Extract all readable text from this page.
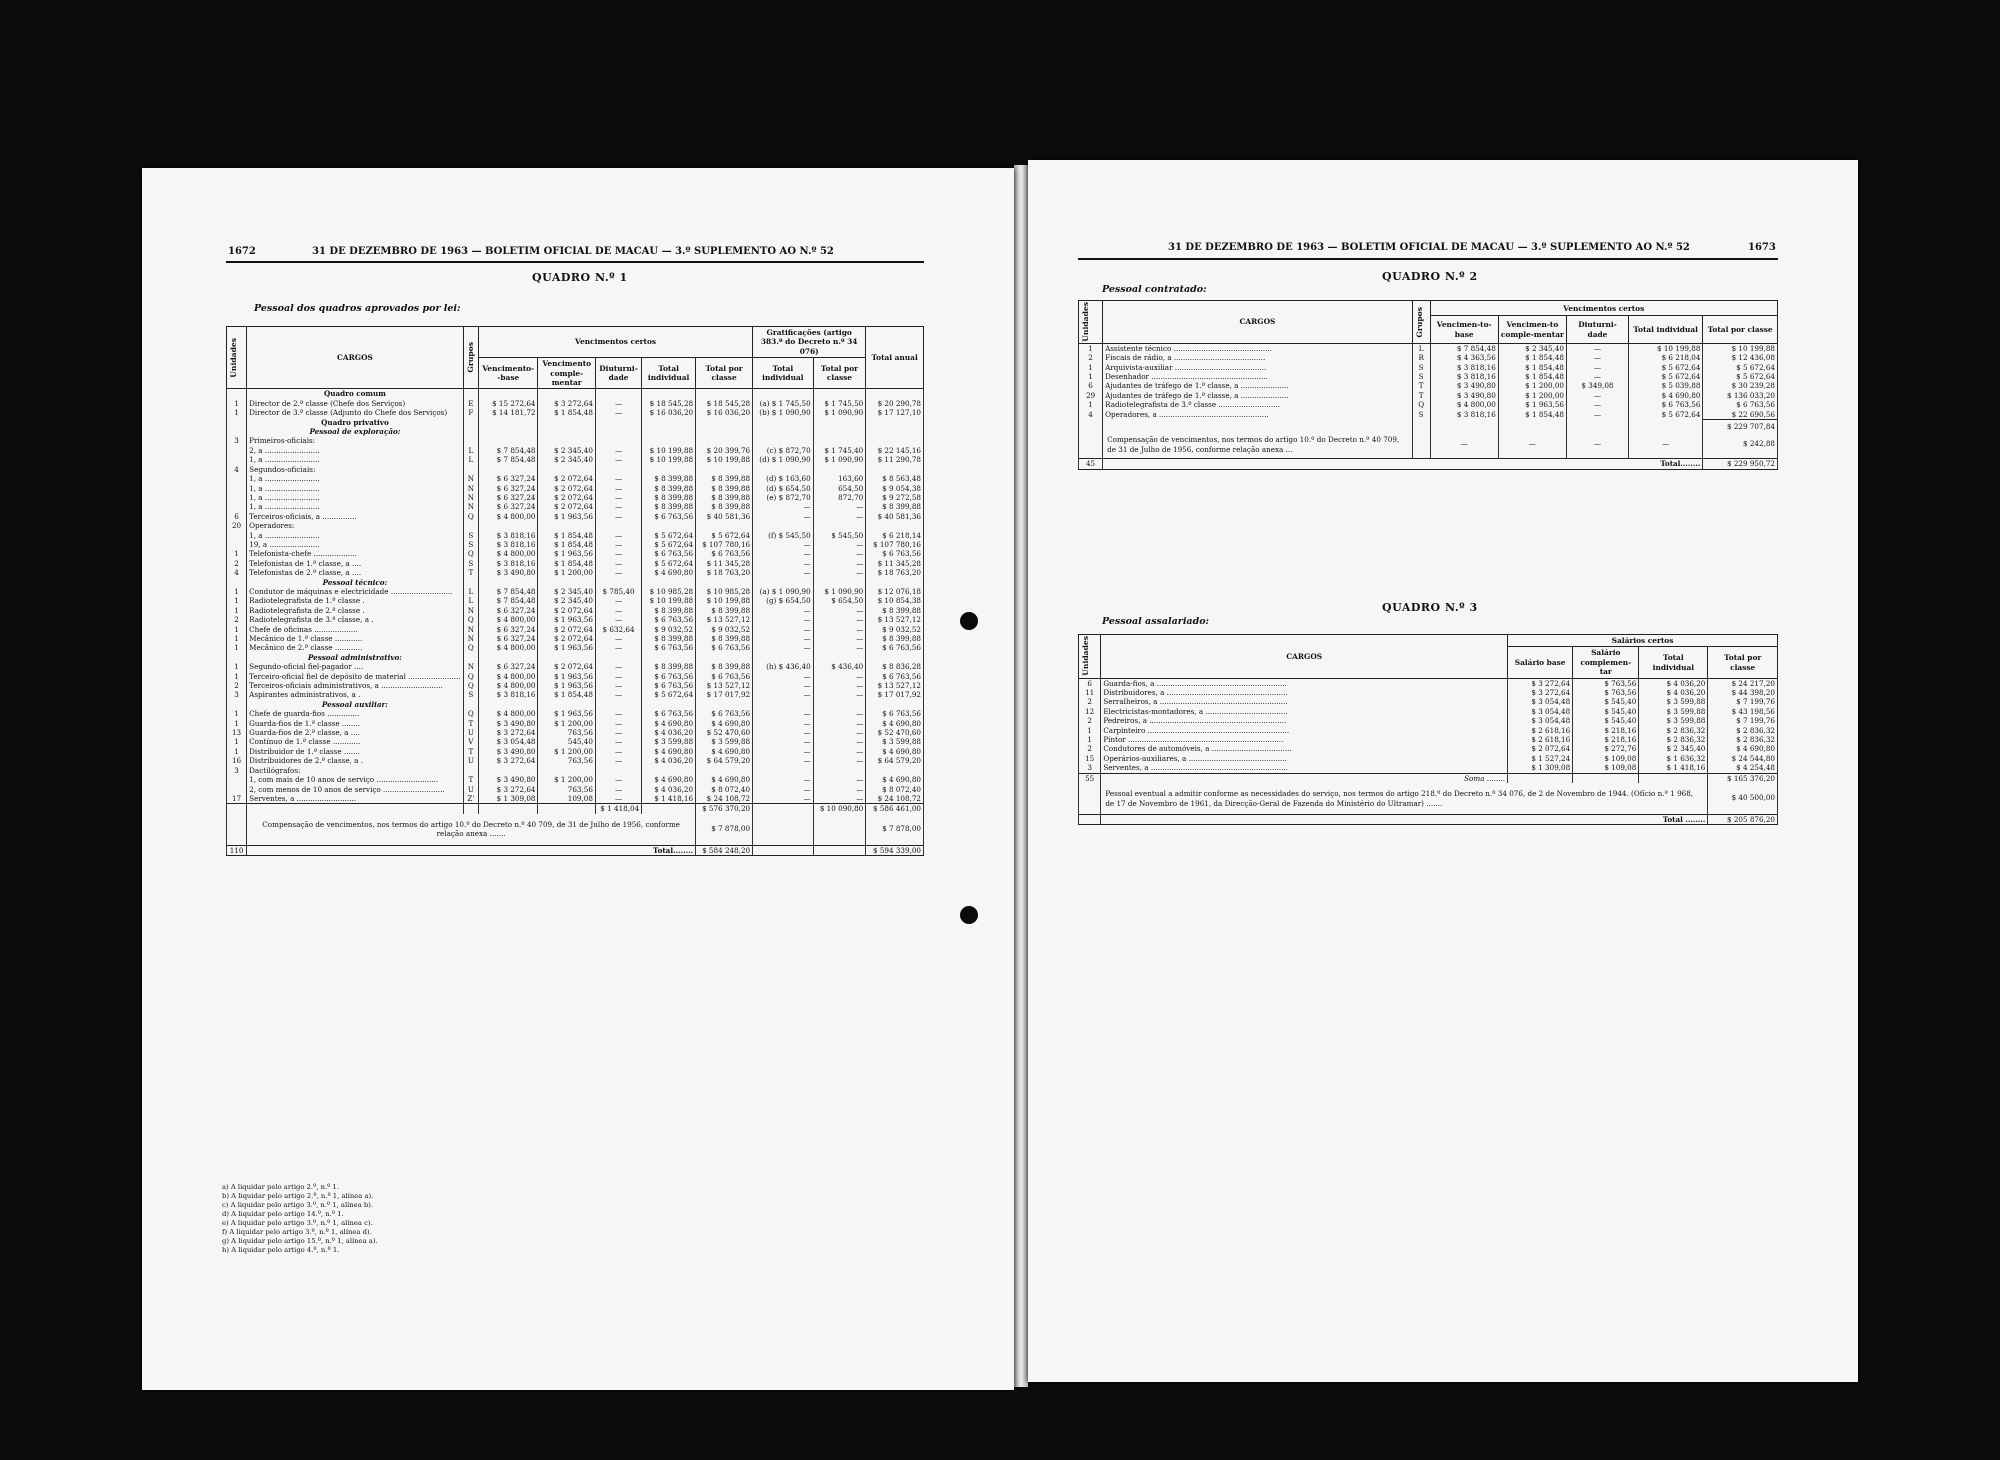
1672	31 DE DEZEMBRO DE 1963 — BOLETIM OFICIAL DE MACAU — 3.º SUPLEMENTO AO N.º 52
QUADRO N.º 1
Pessoal dos quadros aprovados por lei:
Unidades	CARGOS	Grupos	Vencimentos certos					Gratificações (artigo 383.º do Decreto n.º 34 076)		Total anual
			Vencimento--base	Vencimento comple-mentar	Diuturni-dade	Total individual	Total por classe	Total individual	Total por classe	
	Quadro comum									
1	Director de 2.ª classe (Chefe dos Serviços)	E	$ 15 272,64	$ 3 272,64	—	$ 18 545,28	$ 18 545,28	(a) $ 1 745,50	$ 1 745,50	$ 20 290,78
1	Director de 3.ª classe (Adjunto do Chefe dos Serviços)	F	$ 14 181,72	$ 1 854,48	—	$ 16 036,20	$ 16 036,20	(b) $ 1 090,90	$ 1 090,90	$ 17 127,10
	Quadro privativo									
	Pessoal de exploração:									
3	Primeiros-oficiais:									
	2, a ........................	L	$ 7 854,48	$ 2 345,40	—	$ 10 199,88	$ 20 399,76	(c) $ 872,70	$ 1 745,40	$ 22 145,16
	1, a ........................	L	$ 7 854,48	$ 2 345,40	—	$ 10 199,88	$ 10 199,88	(d) $ 1 090,90	$ 1 090,90	$ 11 290,78
4	Segundos-oficiais:									
	1, a ........................	N	$ 6 327,24	$ 2 072,64	—	$ 8 399,88	$ 8 399,88	(d) $ 163,60	163,60	$ 8 563,48
	1, a ........................	N	$ 6 327,24	$ 2 072,64	—	$ 8 399,88	$ 8 399,88	(d) $ 654,50	654,50	$ 9 054,38
	1, a ........................	N	$ 6 327,24	$ 2 072,64	—	$ 8 399,88	$ 8 399,88	(e) $ 872,70	872,70	$ 9 272,58
	1, a ........................	N	$ 6 327,24	$ 2 072,64	—	$ 8 399,88	$ 8 399,88	—	—	$ 8 399,88
6	Terceiros-oficiais, a ...............	Q	$ 4 800,00	$ 1 963,56	—	$ 6 763,56	$ 40 581,36	—	—	$ 40 581,36
20	Operadores:									
	1, a ........................	S	$ 3 818,16	$ 1 854,48	—	$ 5 672,64	$ 5 672,64	(f) $ 545,50	$ 545,50	$ 6 218,14
	19, a ......................	S	$ 3 818,16	$ 1 854,48	—	$ 5 672,64	$ 107 780,16	—	—	$ 107 780,16
1	Telefonista-chefe ...................	Q	$ 4 800,00	$ 1 963,56	—	$ 6 763,56	$ 6 763,56	—	—	$ 6 763,56
2	Telefonistas de 1.ª classe, a ....	S	$ 3 818,16	$ 1 854,48	—	$ 5 672,64	$ 11 345,28	—	—	$ 11 345,28
4	Telefonistas de 2.ª classe, a ....	T	$ 3 490,80	$ 1 200,00	—	$ 4 690,80	$ 18 763,20	—	—	$ 18 763,20
	Pessoal técnico:									
1	Condutor de máquinas e electricidade ...........................	L	$ 7 854,48	$ 2 345,40	$ 785,40	$ 10 985,28	$ 10 985,28	(a) $ 1 090,90	$ 1 090,90	$ 12 076,18
1	Radiotelegrafista de 1.ª classe .	L	$ 7 854,48	$ 2 345,40	—	$ 10 199,88	$ 10 199,88	(g) $ 654,50	$ 654,50	$ 10 854,38
1	Radiotelegrafista de 2.ª classe .	N	$ 6 327,24	$ 2 072,64	—	$ 8 399,88	$ 8 399,88	—	—	$ 8 399,88
2	Radiotelegrafista de 3.ª classe, a .	Q	$ 4 800,00	$ 1 963,56	—	$ 6 763,56	$ 13 527,12	—	—	$ 13 527,12
1	Chefe de oficinas ...................	N	$ 6 327,24	$ 2 072,64	$ 632,64	$ 9 032,52	$ 9 032,52	—	—	$ 9 032,52
1	Mecânico de 1.ª classe ............	N	$ 6 327,24	$ 2 072,64	—	$ 8 399,88	$ 8 399,88	—	—	$ 8 399,88
1	Mecânico de 2.ª classe ............	Q	$ 4 800,00	$ 1 963,56	—	$ 6 763,56	$ 6 763,56	—	—	$ 6 763,56
	Pessoal administrativo:									
1	Segundo-oficial fiel-pagador ....	N	$ 6 327,24	$ 2 072,64	—	$ 8 399,88	$ 8 399,88	(h) $ 436,40	$ 436,40	$ 8 836,28
1	Terceiro-oficial fiel de depósito de material .......................	Q	$ 4 800,00	$ 1 963,56	—	$ 6 763,56	$ 6 763,56	—	—	$ 6 763,56
2	Terceiros-oficiais administrativos, a ...........................	Q	$ 4 800,00	$ 1 963,56	—	$ 6 763,56	$ 13 527,12	—	—	$ 13 527,12
3	Aspirantes administrativos, a .	S	$ 3 818,16	$ 1 854,48	—	$ 5 672,64	$ 17 017,92	—	—	$ 17 017,92
	Pessoal auxiliar:									
1	Chefe de guarda-fios ..............	Q	$ 4 800,00	$ 1 963,56	—	$ 6 763,56	$ 6 763,56	—	—	$ 6 763,56
1	Guarda-fios de 1.ª classe ........	T	$ 3 490,80	$ 1 200,00	—	$ 4 690,80	$ 4 690,80	—	—	$ 4 690,80
13	Guarda-fios de 2.ª classe, a ....	U	$ 3 272,64	763,56	—	$ 4 036,20	$ 52 470,60	—	—	$ 52 470,60
1	Contínuo de 1.ª classe ............	V	$ 3 054,48	545,40	—	$ 3 599,88	$ 3 599,88	—	—	$ 3 599,88
1	Distribuidor de 1.ª classe .......	T	$ 3 490,80	$ 1 200,00	—	$ 4 690,80	$ 4 690,80	—	—	$ 4 690,80
16	Distribuidores de 2.ª classe, a .	U	$ 3 272,64	763,56	—	$ 4 036,20	$ 64 579,20	—	—	$ 64 579,20
3	Dactilógrafos:									
	1, com mais de 10 anos de serviço ...........................	T	$ 3 490,80	$ 1 200,00	—	$ 4 690,80	$ 4 690,80	—	—	$ 4 690,80
	2, com menos de 10 anos de serviço ...........................	U	$ 3 272,64	763,56	—	$ 4 036,20	$ 8 072,40	—	—	$ 8 072,40
17	Serventes, a ..........................	Z'	$ 1 309,08	109,08	—	$ 1 418,16	$ 24 108,72	—	—	$ 24 108,72
					$ 1 418,04		$ 576 370,20		$ 10 090,80	$ 586 461,00
	Compensação de vencimentos, nos termos do artigo 10.º do Decreto n.º 40 709, de 31 de Julho de 1956, conforme relação anexa .......						$ 7 878,00			$ 7 878,00
110	Total........						$ 584 248,20			$ 594 339,00
a) A liquidar pelo artigo 2.º, n.º 1.
b) A liquidar pelo artigo 2.º, n.º 1, alínea a).
c) A liquidar pelo artigo 3.º, n.º 1, alínea b).
d) A liquidar pelo artigo 14.º, n.º 1.
e) A liquidar pelo artigo 3.º, n.º 1, alínea c).
f) A liquidar pelo artigo 3.º, n.º 1, alínea d).
g) A liquidar pelo artigo 15.º, n.º 1, alínea a).
h) A liquidar pelo artigo 4.º, n.º 1.
31 DE DEZEMBRO DE 1963 — BOLETIM OFICIAL DE MACAU — 3.º SUPLEMENTO AO N.º 52	1673
QUADRO N.º 2
Pessoal contratado:
Unidades	CARGOS	Grupos	Vencimentos certos				
			Vencimen-to-base	Vencimen-to comple-mentar	Diuturni-dade	Total individual	Total por classe
1	Assistente técnico ...........................................	L	$ 7 854,48	$ 2 345,40	—	$ 10 199,88	$ 10 199,88
2	Fiscais de rádio, a ........................................	R	$ 4 363,56	$ 1 854,48	—	$ 6 218,04	$ 12 436,08
1	Arquivista-auxiliar ........................................	S	$ 3 818,16	$ 1 854,48	—	$ 5 672,64	$ 5 672,64
1	Desenhador ...................................................	S	$ 3 818,16	$ 1 854,48	—	$ 5 672,64	$ 5 672,64
6	Ajudantes de tráfego de 1.ª classe, a .....................	T	$ 3 490,80	$ 1 200,00	$ 349,08	$ 5 039,88	$ 30 239,28
29	Ajudantes de tráfego de 1.ª classe, a .....................	T	$ 3 490,80	$ 1 200,00	—	$ 4 690,80	$ 136 033,20
1	Radiotelegrafista de 3.ª classe ...........................	Q	$ 4 800,00	$ 1 963,56	—	$ 6 763,56	$ 6 763,56
4	Operadores, a ................................................	S	$ 3 818,16	$ 1 854,48	—	$ 5 672,64	$ 22 690,56
							$ 229 707,84
	Compensação de vencimentos, nos termos do artigo 10.º do Decreto n.º 40 709, de 31 de Julho de 1956, conforme relação anexa ...		—	—	—	—	$ 242,88
45	Total........						$ 229 950,72
QUADRO N.º 3
Pessoal assalariado:
Unidades	CARGOS	Salários certos			
		Salário base	Salário complemen-tar	Total individual	Total por classe
6	Guarda-fios, a .........................................................	$ 3 272,64	$ 763,56	$ 4 036,20	$ 24 217,20
11	Distribuidores, a .....................................................	$ 3 272,64	$ 763,56	$ 4 036,20	$ 44 398,20
2	Serralheiros, a ........................................................	$ 3 054,48	$ 545,40	$ 3 599,88	$ 7 199,76
12	Electricistas-montadores, a ....................................	$ 3 054,48	$ 545,40	$ 3 599,88	$ 43 198,56
2	Pedreiros, a ............................................................	$ 3 054,48	$ 545,40	$ 3 599,88	$ 7 199,76
1	Carpinteiro ..............................................................	$ 2 618,16	$ 218,16	$ 2 836,32	$ 2 836,32
1	Pintor ....................................................................	$ 2 618,16	$ 218,16	$ 2 836,32	$ 2 836,32
2	Condutores de automóveis, a ...................................	$ 2 072,64	$ 272,76	$ 2 345,40	$ 4 690,80
15	Operários-auxiliares, a ...........................................	$ 1 527,24	$ 109,08	$ 1 636,32	$ 24 544,80
3	Serventes, a ............................................................	$ 1 309,08	$ 109,08	$ 1 418,16	$ 4 254,48
55	Soma ........				$ 165 376,20
	Pessoal eventual a admitir conforme as necessidades do serviço, nos termos do artigo 218.º do Decreto n.º 34 076, de 2 de Novembro de 1944. (Ofício n.º 1 968, de 17 de Novembro de 1961, da Direcção-Geral de Fazenda do Ministério do Ultramar) .......				$ 40 500,00
	Total ........				$ 205 876,20
